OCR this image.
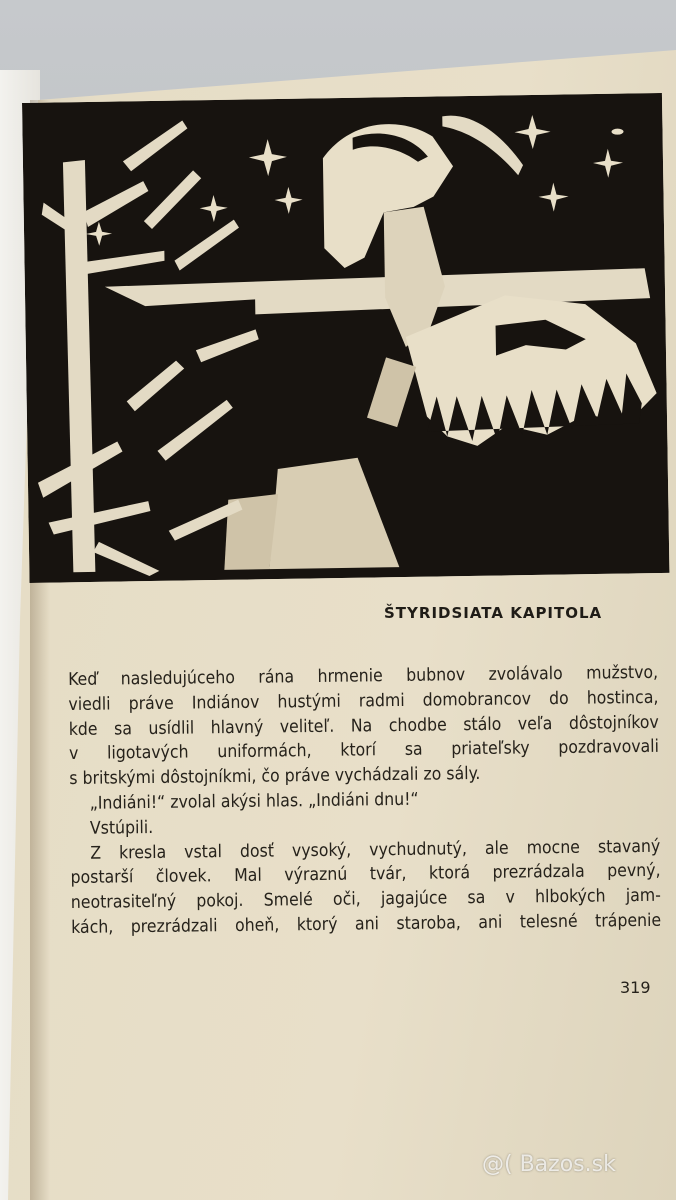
ŠTYRIDSIATA KAPITOLA
Keď nasledujúceho rána hrmenie bubnov zvolávalo mužstvo,
viedli práve Indiánov hustými radmi domobrancov do hostinca,
kde sa usídlil hlavný veliteľ. Na chodbe stálo veľa dôstojníkov
v ligotavých uniformách, ktorí sa priateľsky pozdravovali
s britskými dôstojníkmi, čo práve vychádzali zo sály.
„Indiáni!“ zvolal akýsi hlas. „Indiáni dnu!“
Vstúpili.
Z kresla vstal dosť vysoký, vychudnutý, ale mocne stavaný
postarší človek. Mal výraznú tvár, ktorá prezrádzala pevný,
neotrasiteľný pokoj. Smelé oči, jagajúce sa v hlbokých jam-
kách, prezrádzali oheň, ktorý ani staroba, ani telesné trápenie
319
@( Bazos.sk
